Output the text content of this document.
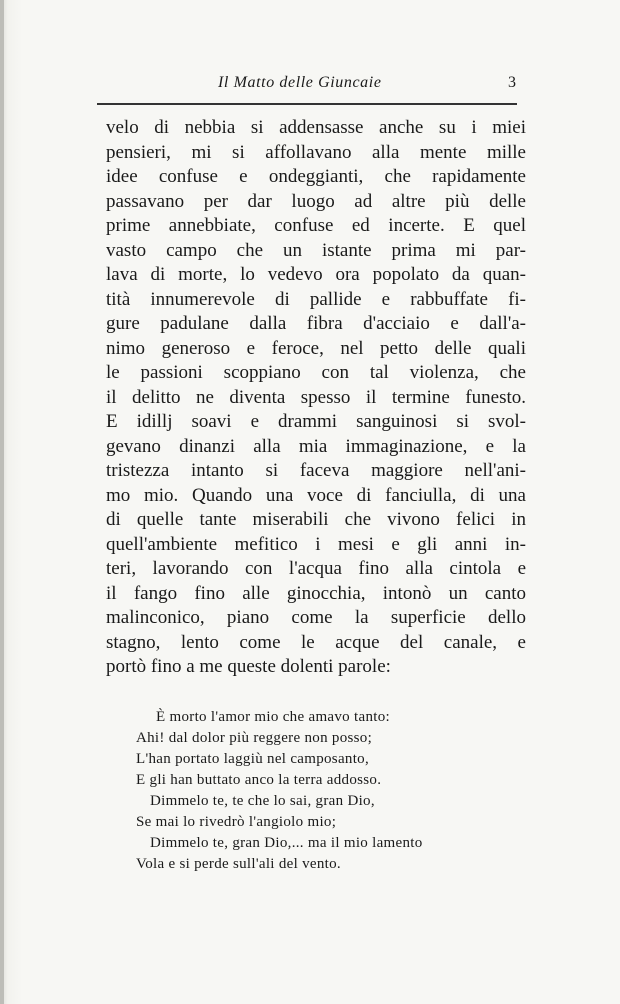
Il Matto delle Giuncaie	3
velo di nebbia si addensasse anche su i miei
pensieri, mi si affollavano alla mente mille
idee confuse e ondeggianti, che rapidamente
passavano per dar luogo ad altre più delle
prime annebbiate, confuse ed incerte. E quel
vasto campo che un istante prima mi par-
lava di morte, lo vedevo ora popolato da quan-
tità innumerevole di pallide e rabbuffate fi-
gure padulane dalla fibra d'acciaio e dall'a-
nimo generoso e feroce, nel petto delle quali
le passioni scoppiano con tal violenza, che
il delitto ne diventa spesso il termine funesto.
E idillj soavi e drammi sanguinosi si svol-
gevano dinanzi alla mia immaginazione, e la
tristezza intanto si faceva maggiore nell'ani-
mo mio. Quando una voce di fanciulla, di una
di quelle tante miserabili che vivono felici in
quell'ambiente mefitico i mesi e gli anni in-
teri, lavorando con l'acqua fino alla cintola e
il fango fino alle ginocchia, intonò un canto
malinconico, piano come la superficie dello
stagno, lento come le acque del canale, e
portò fino a me queste dolenti parole:
È morto l'amor mio che amavo tanto:
Ahi! dal dolor più reggere non posso;
L'han portato laggiù nel camposanto,
E gli han buttato anco la terra addosso.
Dimmelo te, te che lo sai, gran Dio,
Se mai lo rivedrò l'angiolo mio;
Dimmelo te, gran Dio,... ma il mio lamento
Vola e si perde sull'ali del vento.
